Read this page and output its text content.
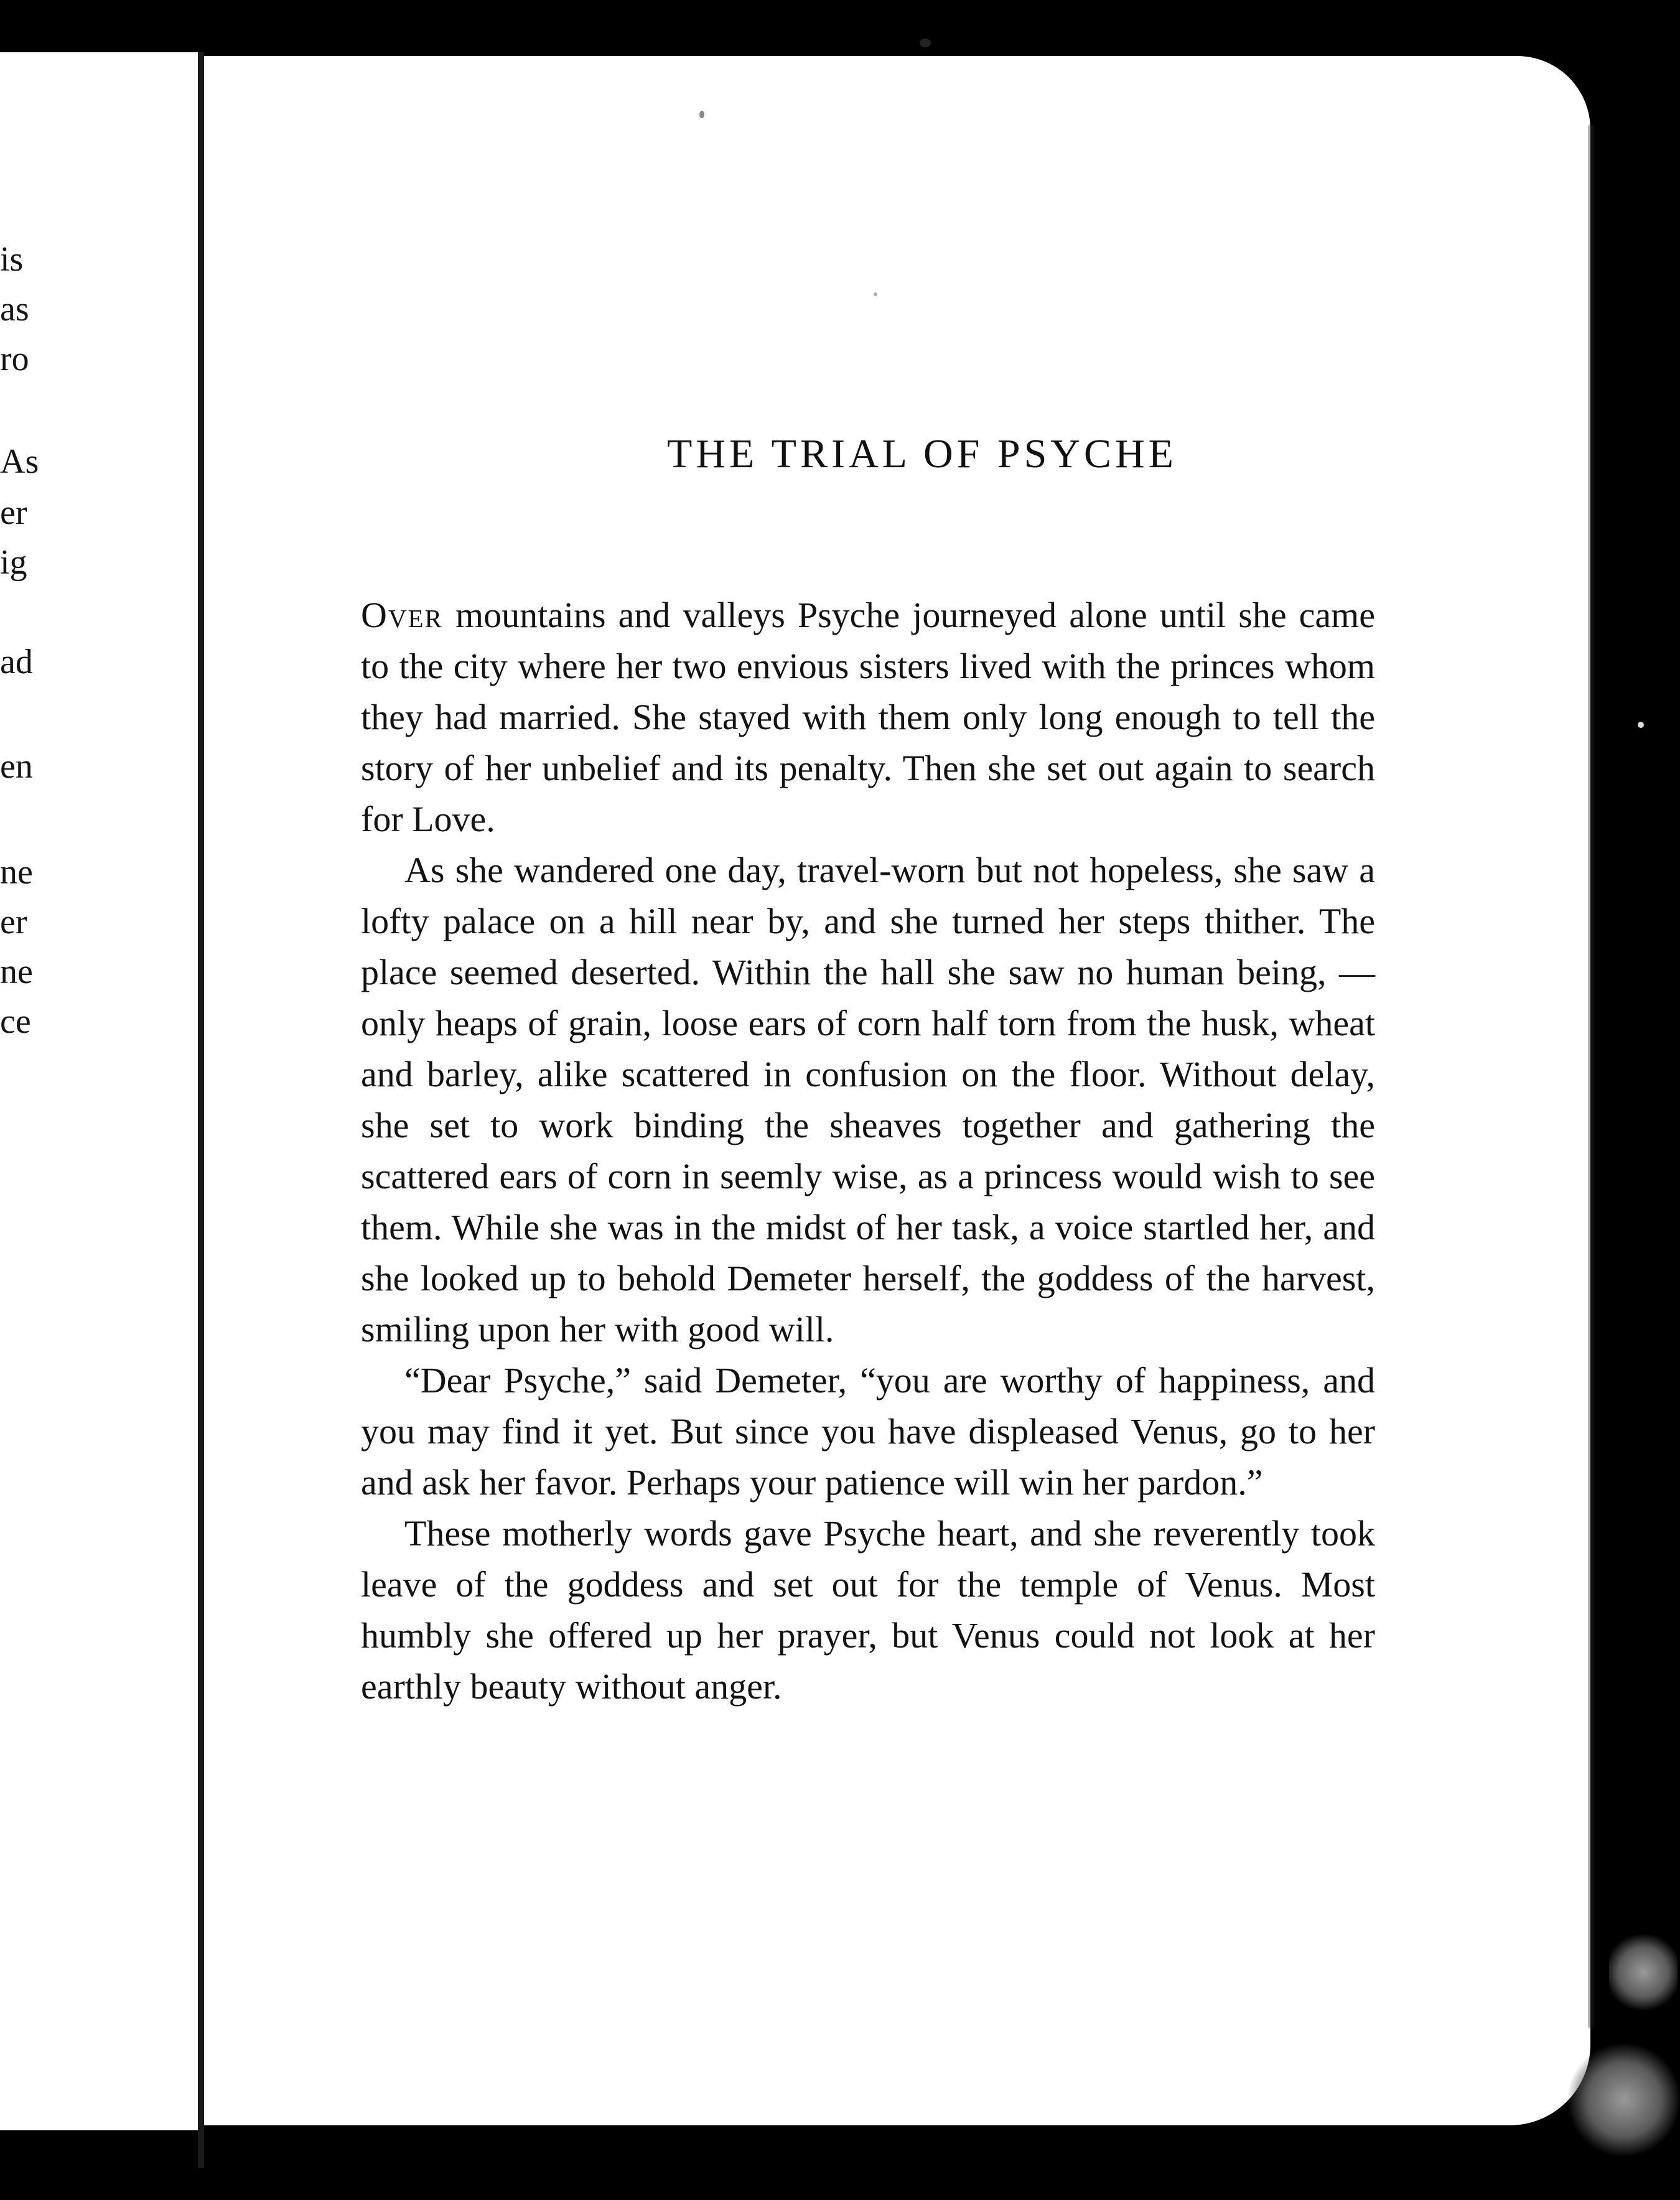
is
as
ro
As
er
ig
ad
en
ne
er
ne
ce
THE TRIAL OF PSYCHE

Over mountains and valleys Psyche journeyed alone until she came to the city where her two envious sisters lived with the princes whom they had married. She stayed with them only long enough to tell the story of her unbelief and its penalty. Then she set out again to search for Love.

As she wandered one day, travel-worn but not hopeless, she saw a lofty palace on a hill near by, and she turned her steps thither. The place seemed deserted. Within the hall she saw no human being, — only heaps of grain, loose ears of corn half torn from the husk, wheat and barley, alike scattered in confusion on the floor. Without delay, she set to work binding the sheaves together and gathering the scattered ears of corn in seemly wise, as a princess would wish to see them. While she was in the midst of her task, a voice startled her, and she looked up to behold Demeter herself, the goddess of the harvest, smiling upon her with good will.

“Dear Psyche,” said Demeter, “you are worthy of happiness, and you may find it yet. But since you have displeased Venus, go to her and ask her favor. Perhaps your patience will win her pardon.”

These motherly words gave Psyche heart, and she reverently took leave of the goddess and set out for the temple of Venus. Most humbly she offered up her prayer, but Venus could not look at her earthly beauty without anger.
